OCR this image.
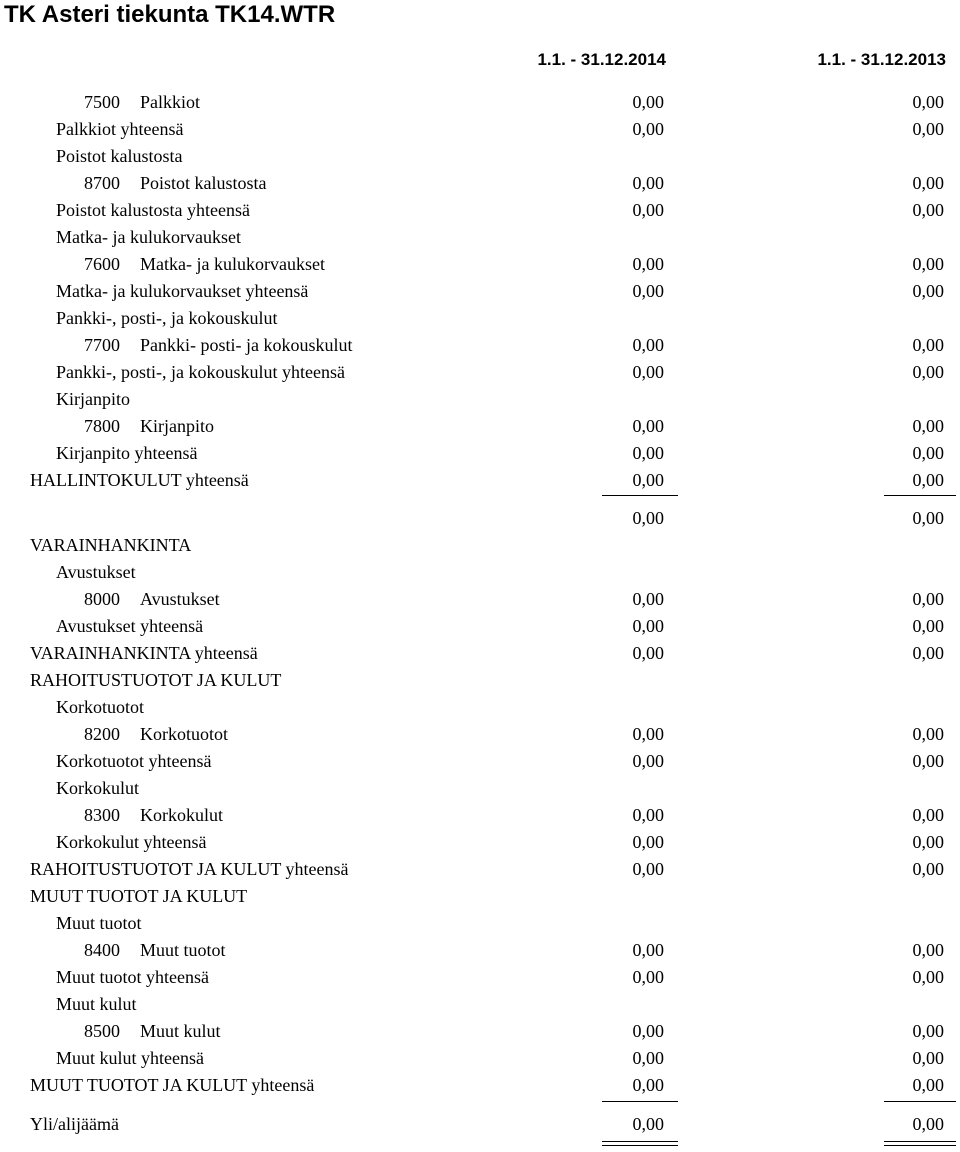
TK Asteri tiekunta TK14.WTR
1.1. - 31.12.2014	1.1. - 31.12.2013
7500	Palkkiot	0,00	0,00
Palkkiot yhteensä	0,00	0,00
Poistot kalustosta
8700	Poistot kalustosta	0,00	0,00
Poistot kalustosta yhteensä	0,00	0,00
Matka- ja kulukorvaukset
7600	Matka- ja kulukorvaukset	0,00	0,00
Matka- ja kulukorvaukset yhteensä	0,00	0,00
Pankki-, posti-, ja kokouskulut
7700	Pankki- posti- ja kokouskulut	0,00	0,00
Pankki-, posti-, ja kokouskulut yhteensä	0,00	0,00
Kirjanpito
7800	Kirjanpito	0,00	0,00
Kirjanpito yhteensä	0,00	0,00
HALLINTOKULUT yhteensä	0,00	0,00
0,00	0,00
VARAINHANKINTA
Avustukset
8000	Avustukset	0,00	0,00
Avustukset yhteensä	0,00	0,00
VARAINHANKINTA yhteensä	0,00	0,00
RAHOITUSTUOTOT JA KULUT
Korkotuotot
8200	Korkotuotot	0,00	0,00
Korkotuotot yhteensä	0,00	0,00
Korkokulut
8300	Korkokulut	0,00	0,00
Korkokulut yhteensä	0,00	0,00
RAHOITUSTUOTOT JA KULUT yhteensä	0,00	0,00
MUUT TUOTOT JA KULUT
Muut tuotot
8400	Muut tuotot	0,00	0,00
Muut tuotot yhteensä	0,00	0,00
Muut kulut
8500	Muut kulut	0,00	0,00
Muut kulut yhteensä	0,00	0,00
MUUT TUOTOT JA KULUT yhteensä	0,00	0,00
Yli/alijäämä	0,00	0,00
